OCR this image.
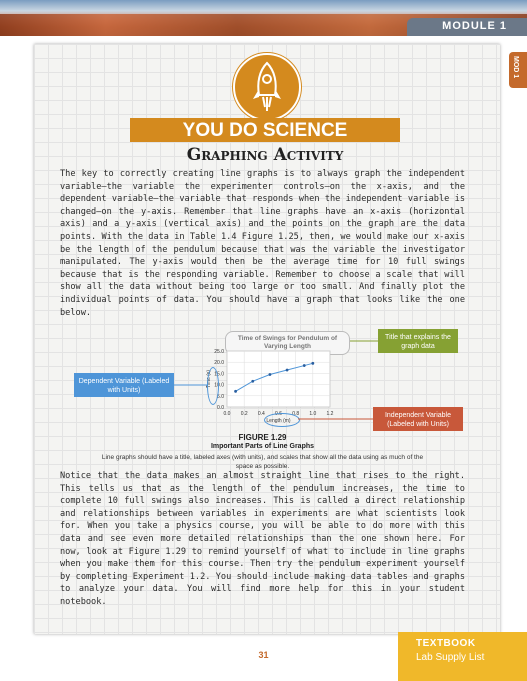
MODULE 1
MOD 1
YOU DO SCIENCE
Graphing Activity

The key to correctly creating line graphs is to always graph the independent variable—the variable the experimenter controls—on the x-axis, and the dependent variable—the variable that responds when the independent variable is changed—on the y-axis. Remember that line graphs have an x-axis (horizontal axis) and a y-axis (vertical axis) and the points on the graph are the data points. With the data in Table 1.4 Figure 1.25, then, we would make our x-axis be the length of the pendulum because that was the variable the investigator manipulated. The y-axis would then be the average time for 10 full swings because that is the responding variable. Remember to choose a scale that will show all the data without being too large or too small. And finally plot the individual points of data. You should have a graph that looks like the one below.

Time of Swings for Pendulum of Varying Length
0.0
5.0
10.0
15.0
20.0
25.0
0.0 0.2 0.4 0.6 0.8 1.0 1.2
Time (s)
Length (m)
Title that explains the graph data
Dependent Variable (Labeled with Units)
Independent Variable (Labeled with Units)
FIGURE 1.29
Important Parts of Line Graphs
Line graphs should have a title, labeled axes (with units), and scales that show all the data using as much of the space as possible.

Notice that the data makes an almost straight line that rises to the right. This tells us that as the length of the pendulum increases, the time to complete 10 full swings also increases. This is called a direct relationship and relationships between variables in experiments are what scientists look for. When you take a physics course, you will be able to do more with this data and see even more detailed relationships than the one shown here. For now, look at Figure 1.29 to remind yourself of what to include in line graphs when you make them for this course. Then try the pendulum experiment yourself by completing Experiment 1.2. You should include making data tables and graphs to analyze your data. You will find more help for this in your student notebook.

31
TEXTBOOK
Lab Supply List
